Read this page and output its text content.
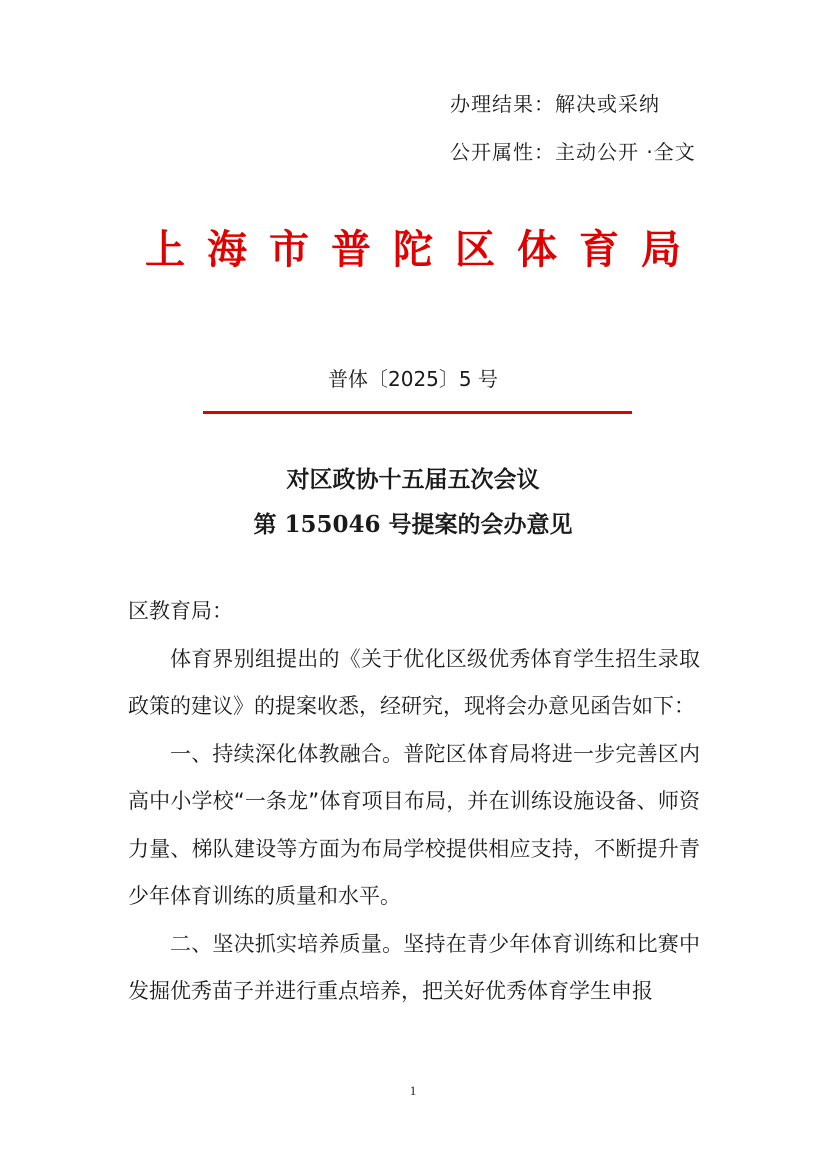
办理结果：解决或采纳
公开属性：主动公开 ·全文
上海市普陀区体育局
普体〔2025〕5 号
对区政协十五届五次会议
第 155046 号提案的会办意见

区教育局：

体育界别组提出的《关于优化区级优秀体育学生招生录取政策的建议》的提案收悉，经研究，现将会办意见函告如下：

一、持续深化体教融合。普陀区体育局将进一步完善区内高中小学校“一条龙”体育项目布局，并在训练设施设备、师资力量、梯队建设等方面为布局学校提供相应支持，不断提升青少年体育训练的质量和水平。

二、坚决抓实培养质量。坚持在青少年体育训练和比赛中发掘优秀苗子并进行重点培养，把关好优秀体育学生申报

1
